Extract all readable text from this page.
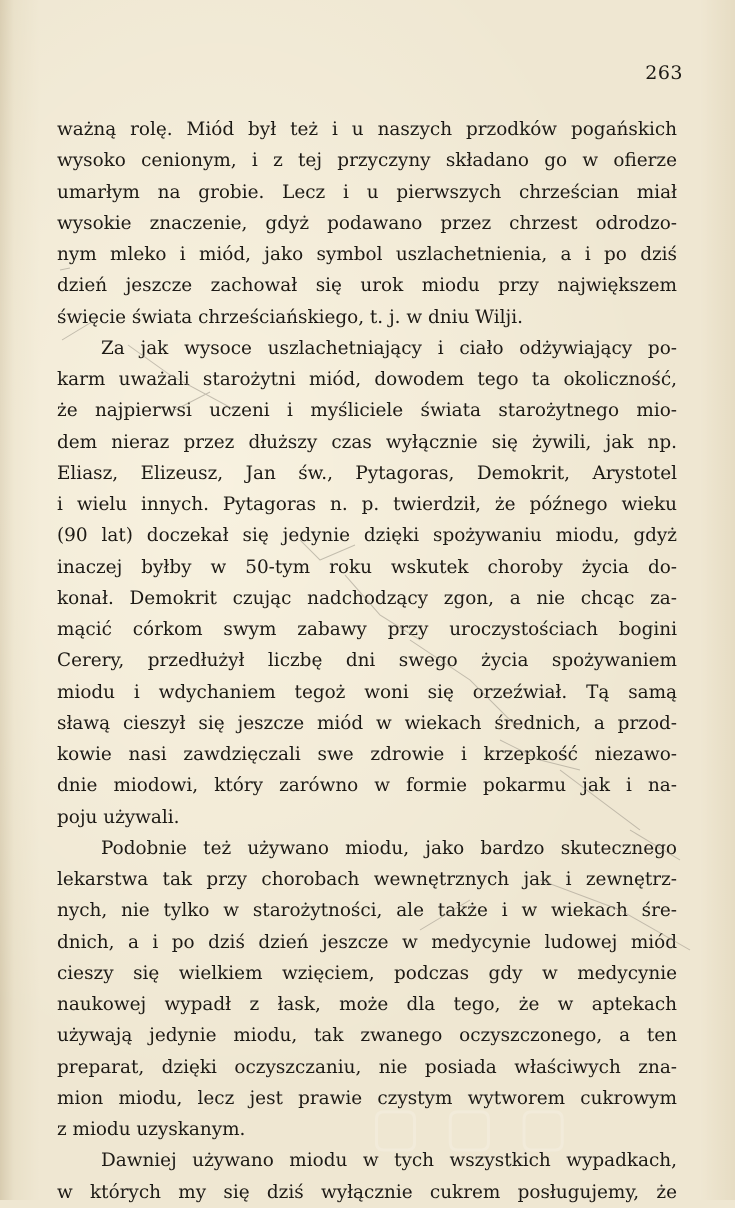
263
ważną rolę. Miód był też i u naszych przodków pogańskich
wysoko cenionym, i z tej przyczyny składano go w ofierze
umarłym na grobie. Lecz i u pierwszych chrześcian miał
wysokie znaczenie, gdyż podawano przez chrzest odrodzo-
nym mleko i miód, jako symbol uszlachetnienia, a i po dziś
dzień jeszcze zachował się urok miodu przy największem
święcie świata chrześciańskiego, t. j. w dniu Wilji.
Za jak wysoce uszlachetniający i ciało odżywiający po-
karm uważali starożytni miód, dowodem tego ta okoliczność,
że najpierwsi uczeni i myśliciele świata starożytnego mio-
dem nieraz przez dłuższy czas wyłącznie się żywili, jak np.
Eliasz, Elizeusz, Jan św., Pytagoras, Demokrit, Arystotel
i wielu innych. Pytagoras n. p. twierdził, że późnego wieku
(90 lat) doczekał się jedynie dzięki spożywaniu miodu, gdyż
inaczej byłby w 50-tym roku wskutek choroby życia do-
konał. Demokrit czując nadchodzący zgon, a nie chcąc za-
mącić córkom swym zabawy przy uroczystościach bogini
Cerery, przedłużył liczbę dni swego życia spożywaniem
miodu i wdychaniem tegoż woni się orzeźwiał. Tą samą
sławą cieszył się jeszcze miód w wiekach średnich, a przod-
kowie nasi zawdzięczali swe zdrowie i krzepkość niezawo-
dnie miodowi, który zarówno w formie pokarmu jak i na-
poju używali.
Podobnie też używano miodu, jako bardzo skutecznego
lekarstwa tak przy chorobach wewnętrznych jak i zewnętrz-
nych, nie tylko w starożytności, ale także i w wiekach śre-
dnich, a i po dziś dzień jeszcze w medycynie ludowej miód
cieszy się wielkiem wzięciem, podczas gdy w medycynie
naukowej wypadł z łask, może dla tego, że w aptekach
używają jedynie miodu, tak zwanego oczyszczonego, a ten
preparat, dzięki oczyszczaniu, nie posiada właściwych zna-
mion miodu, lecz jest prawie czystym wytworem cukrowym
z miodu uzyskanym.
Dawniej używano miodu w tych wszystkich wypadkach,
w których my się dziś wyłącznie cukrem posługujemy, że
▢ ▢ ▢
